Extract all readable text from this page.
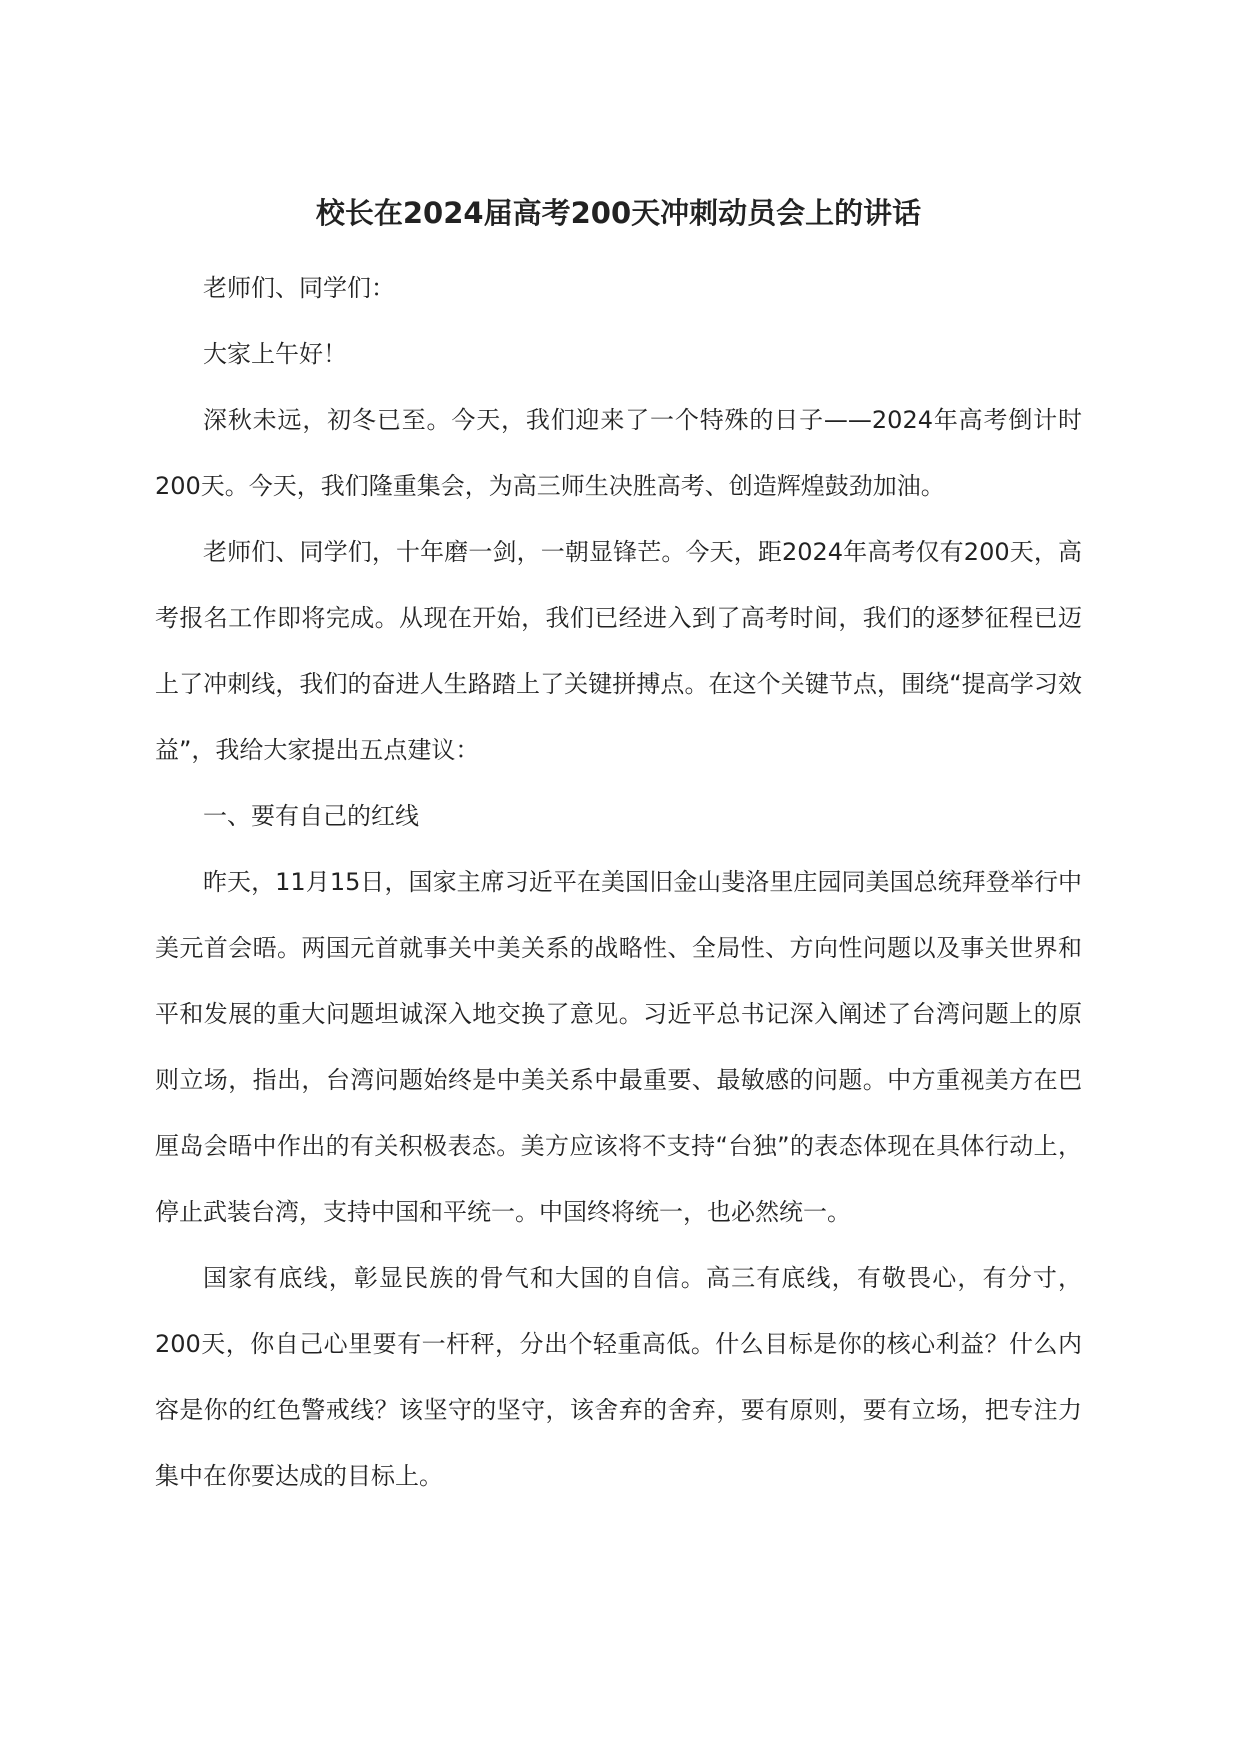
校长在2024届高考200天冲刺动员会上的讲话

老师们、同学们：

大家上午好！

深秋未远，初冬已至。今天，我们迎来了一个特殊的日子——2024年高考倒计时200天。今天，我们隆重集会，为高三师生决胜高考、创造辉煌鼓劲加油。

老师们、同学们，十年磨一剑，一朝显锋芒。今天，距2024年高考仅有200天，高考报名工作即将完成。从现在开始，我们已经进入到了高考时间，我们的逐梦征程已迈上了冲刺线，我们的奋进人生路踏上了关键拼搏点。在这个关键节点，围绕“提高学习效益”，我给大家提出五点建议：

一、要有自己的红线

昨天，11月15日，国家主席习近平在美国旧金山斐洛里庄园同美国总统拜登举行中美元首会晤。两国元首就事关中美关系的战略性、全局性、方向性问题以及事关世界和平和发展的重大问题坦诚深入地交换了意见。习近平总书记深入阐述了台湾问题上的原则立场，指出，台湾问题始终是中美关系中最重要、最敏感的问题。中方重视美方在巴厘岛会晤中作出的有关积极表态。美方应该将不支持“台独”的表态体现在具体行动上，停止武装台湾，支持中国和平统一。中国终将统一，也必然统一。

国家有底线，彰显民族的骨气和大国的自信。高三有底线，有敬畏心，有分寸，200天，你自己心里要有一杆秤，分出个轻重高低。什么目标是你的核心利益？什么内容是你的红色警戒线？该坚守的坚守，该舍弃的舍弃，要有原则，要有立场，把专注力集中在你要达成的目标上。
